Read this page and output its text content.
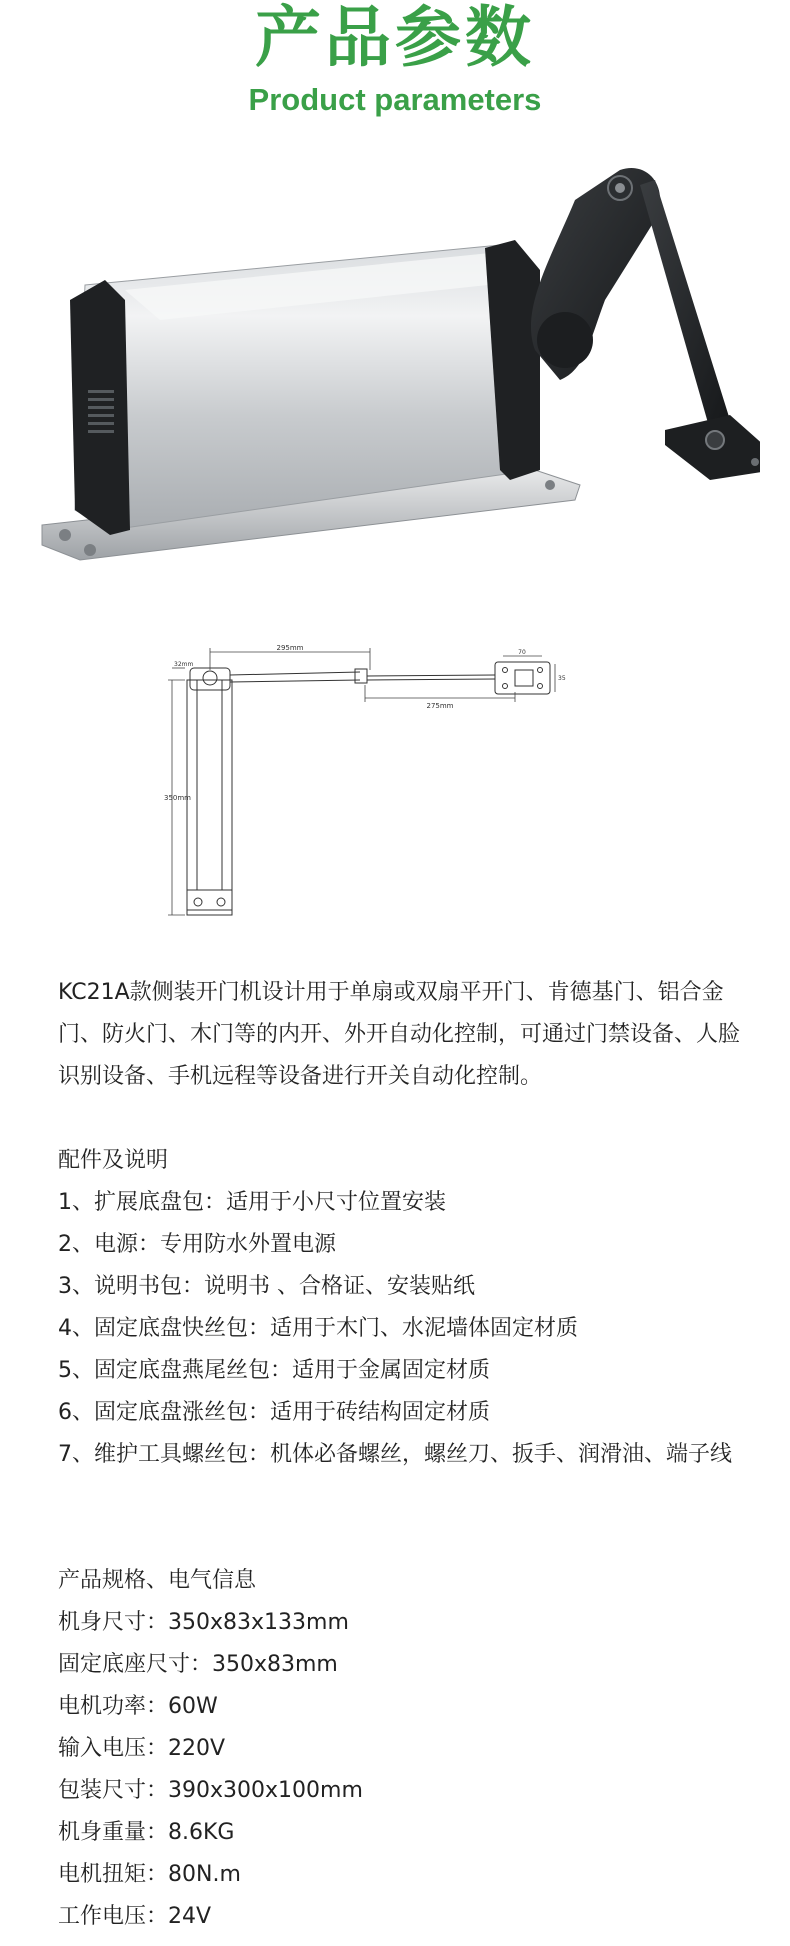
产品参数
Product parameters
295mm
275mm
350mm
32mm
70
35
KC21A款侧装开门机设计用于单扇或双扇平开门、肯德基门、铝合金门、防火门、木门等的内开、外开自动化控制，可通过门禁设备、人脸识别设备、手机远程等设备进行开关自动化控制。
配件及说明
1、扩展底盘包：适用于小尺寸位置安装
2、电源：专用防水外置电源
3、说明书包：说明书 、合格证、安装贴纸
4、固定底盘快丝包：适用于木门、水泥墙体固定材质
5、固定底盘燕尾丝包：适用于金属固定材质
6、固定底盘涨丝包：适用于砖结构固定材质
7、维护工具螺丝包：机体必备螺丝，螺丝刀、扳手、润滑油、端子线
产品规格、电气信息
机身尺寸：350x83x133mm
固定底座尺寸：350x83mm
电机功率：60W
输入电压：220V
包装尺寸：390x300x100mm
机身重量：8.6KG
电机扭矩：80N.m
工作电压：24V
